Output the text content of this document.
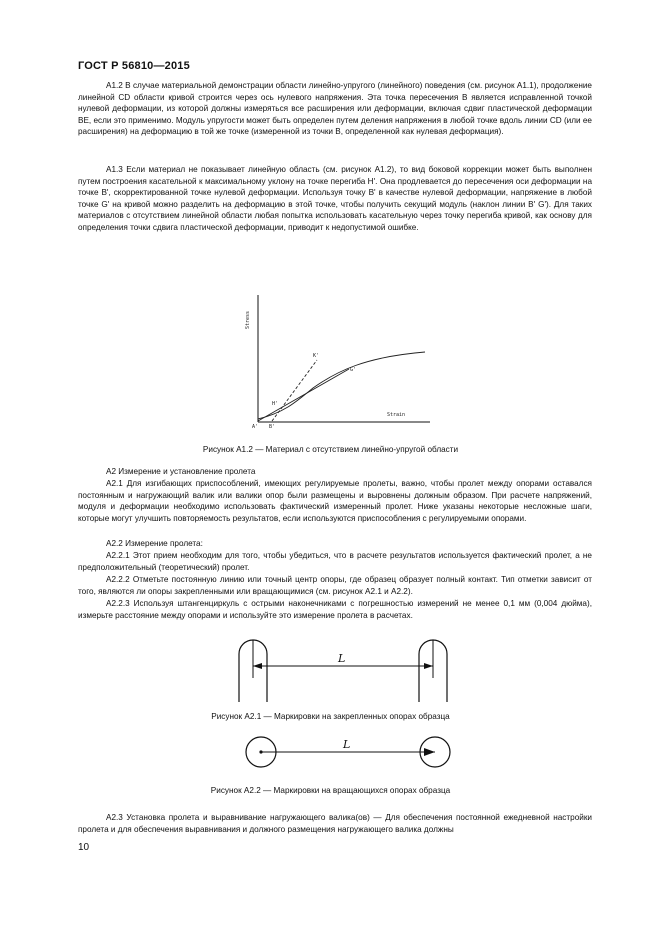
ГОСТ Р 56810—2015
А1.2 В случае материальной демонстрации области линейно-упругого (линейного) поведения (см. рисунок А1.1), продолжение линейной CD области кривой строится через ось нулевого напряжения. Эта точка пересечения В является исправленной точкой нулевой деформации, из которой должны измеряться все расширения или деформации, включая сдвиг пластической деформации ВЕ, если это применимо. Модуль упругости может быть определен путем деления напряжения в любой точке вдоль линии CD (или ее расширения) на деформацию в той же точке (измеренной из точки В, определенной как нулевая деформация).
А1.3 Если материал не показывает линейную область (см. рисунок А1.2), то вид боковой коррекции может быть выполнен путем построения касательной к максимальному уклону на точке перегиба Н'. Она продлевается до пересечения оси деформации на точке В', скорректированной точке нулевой деформации. Используя точку В' в качестве нулевой деформации, напряжение в любой точке G' на кривой можно разделить на деформацию в этой точке, чтобы получить секущий модуль (наклон линии В' G'). Для таких материалов с отсутствием линейной области любая попытка использовать касательную через точку перегиба кривой, как основу для определения точки сдвига пластической деформации, приводит к недопустимой ошибке.
Stress
Strain
A' B'
H'
G'
K'
Рисунок А1.2 — Материал с отсутствием линейно-упругой области
А2 Измерение и установление пролета
А2.1 Для изгибающих приспособлений, имеющих регулируемые пролеты, важно, чтобы пролет между опорами оставался постоянным и нагружающий валик или валики опор были размещены и выровнены должным образом. При расчете напряжений, модуля и деформации необходимо использовать фактический измеренный пролет. Ниже указаны некоторые несложные шаги, которые могут улучшить повторяемость результатов, если используются приспособления с регулируемыми опорами.
А2.2 Измерение пролета:
А2.2.1 Этот прием необходим для того, чтобы убедиться, что в расчете результатов используется фактический пролет, а не предположительный (теоретический) пролет.
А2.2.2 Отметьте постоянную линию или точный центр опоры, где образец образует полный контакт. Тип отметки зависит от того, являются ли опоры закрепленными или вращающимися (см. рисунок А2.1 и А2.2).
А2.2.3 Используя штангенциркуль с острыми наконечниками с погрешностью измерений не менее 0,1 мм (0,004 дюйма), измерьте расстояние между опорами и используйте это измерение пролета в расчетах.
L
Рисунок А2.1 — Маркировки на закрепленных опорах образца
L
Рисунок А2.2 — Маркировки на вращающихся опорах образца
А2.3 Установка пролета и выравнивание нагружающего валика(ов) — Для обеспечения постоянной ежедневной настройки пролета и для обеспечения выравнивания и должного размещения нагружающего валика должны
10
